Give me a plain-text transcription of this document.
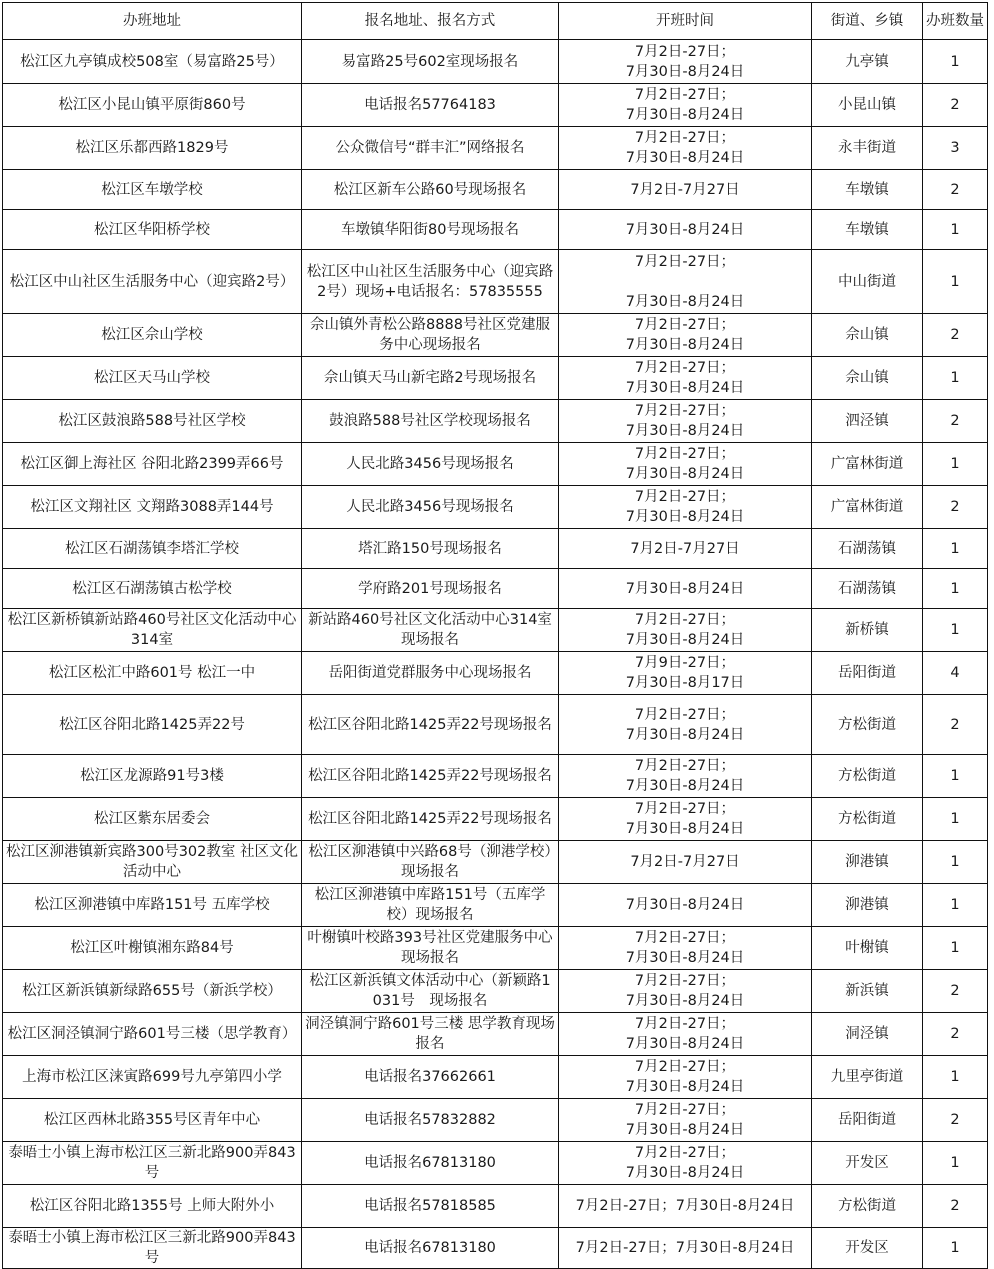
办班地址	报名地址、报名方式	开班时间	街道、乡镇	办班数量
松江区九亭镇成校508室（易富路25号）	易富路25号602室现场报名	7月2日-27日；
7月30日-8月24日	九亭镇	1
松江区小昆山镇平原街860号	电话报名57764183	7月2日-27日；
7月30日-8月24日	小昆山镇	2
松江区乐都西路1829号	公众微信号“群丰汇”网络报名	7月2日-27日；
7月30日-8月24日	永丰街道	3
松江区车墩学校	松江区新车公路60号现场报名	7月2日-7月27日	车墩镇	2
松江区华阳桥学校	车墩镇华阳街80号现场报名	7月30日-8月24日	车墩镇	1
松江区中山社区生活服务中心（迎宾路2号）	松江区中山社区生活服务中心（迎宾路2号）现场+电话报名：57835555	7月2日-27日；
7月30日-8月24日	中山街道	1
松江区佘山学校	佘山镇外青松公路8888号社区党建服务中心现场报名	7月2日-27日；
7月30日-8月24日	佘山镇	2
松江区天马山学校	佘山镇天马山新宅路2号现场报名	7月2日-27日；
7月30日-8月24日	佘山镇	1
松江区鼓浪路588号社区学校	鼓浪路588号社区学校现场报名	7月2日-27日；
7月30日-8月24日	泗泾镇	2
松江区御上海社区 谷阳北路2399弄66号	人民北路3456号现场报名	7月2日-27日；
7月30日-8月24日	广富林街道	1
松江区文翔社区 文翔路3088弄144号	人民北路3456号现场报名	7月2日-27日；
7月30日-8月24日	广富林街道	2
松江区石湖荡镇李塔汇学校	塔汇路150号现场报名	7月2日-7月27日	石湖荡镇	1
松江区石湖荡镇古松学校	学府路201号现场报名	7月30日-8月24日	石湖荡镇	1
松江区新桥镇新站路460号社区文化活动中心314室	新站路460号社区文化活动中心314室现场报名	7月2日-27日；
7月30日-8月24日	新桥镇	1
松江区松汇中路601号 松江一中	岳阳街道党群服务中心现场报名	7月9日-27日；
7月30日-8月17日	岳阳街道	4
松江区谷阳北路1425弄22号	松江区谷阳北路1425弄22号现场报名	7月2日-27日；
7月30日-8月24日	方松街道	2
松江区龙源路91号3楼	松江区谷阳北路1425弄22号现场报名	7月2日-27日；
7月30日-8月24日	方松街道	1
松江区紫东居委会	松江区谷阳北路1425弄22号现场报名	7月2日-27日；
7月30日-8月24日	方松街道	1
松江区泖港镇新宾路300号302教室 社区文化活动中心	松江区泖港镇中兴路68号（泖港学校）现场报名	7月2日-7月27日	泖港镇	1
松江区泖港镇中库路151号 五库学校	松江区泖港镇中库路151号（五库学校）现场报名	7月30日-8月24日	泖港镇	1
松江区叶榭镇湘东路84号	叶榭镇叶校路393号社区党建服务中心现场报名	7月2日-27日；
7月30日-8月24日	叶榭镇	1
松江区新浜镇新绿路655号（新浜学校）	松江区新浜镇文体活动中心（新颖路1031号　现场报名	7月2日-27日；
7月30日-8月24日	新浜镇	2
松江区洞泾镇洞宁路601号三楼（思学教育）	洞泾镇洞宁路601号三楼 思学教育现场报名	7月2日-27日；
7月30日-8月24日	洞泾镇	2
上海市松江区涞寅路699号九亭第四小学	电话报名37662661	7月2日-27日；
7月30日-8月24日	九里亭街道	1
松江区西林北路355号区青年中心	电话报名57832882	7月2日-27日；
7月30日-8月24日	岳阳街道	2
泰晤士小镇上海市松江区三新北路900弄843号	电话报名67813180	7月2日-27日；
7月30日-8月24日	开发区	1
松江区谷阳北路1355号 上师大附外小	电话报名57818585	7月2日-27日；7月30日-8月24日	方松街道	2
泰晤士小镇上海市松江区三新北路900弄843号	电话报名67813180	7月2日-27日；7月30日-8月24日	开发区	1
